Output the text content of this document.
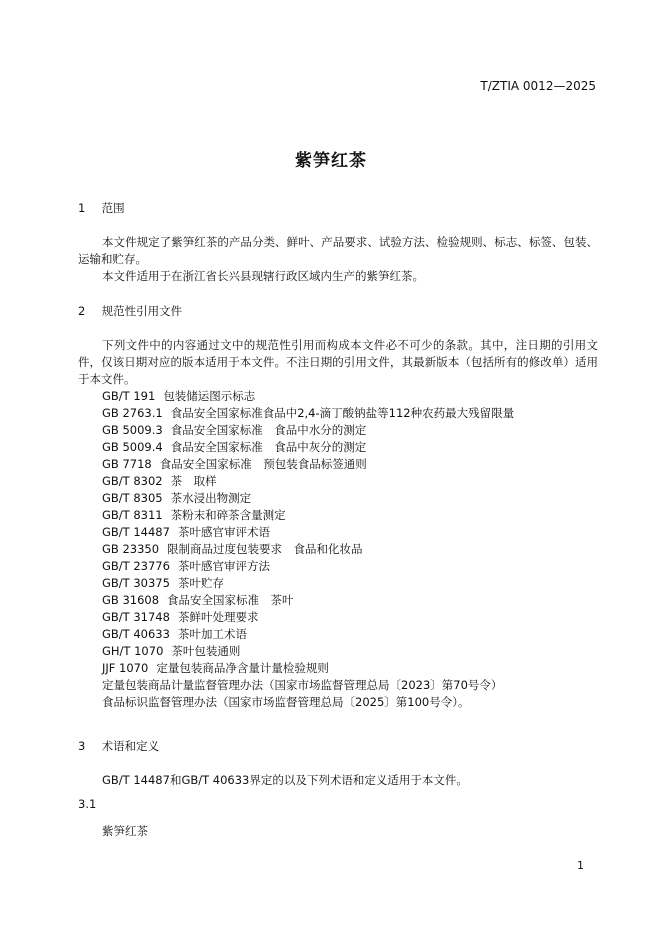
T/ZTIA 0012—2025
紫笋红茶
1 范围

本文件规定了紫笋红茶的产品分类、鲜叶、产品要求、试验方法、检验规则、标志、标签、包装、运输和贮存。

本文件适用于在浙江省长兴县现辖行政区域内生产的紫笋红茶。

2 规范性引用文件

下列文件中的内容通过文中的规范性引用而构成本文件必不可少的条款。其中，注日期的引用文件，仅该日期对应的版本适用于本文件。不注日期的引用文件，其最新版本（包括所有的修改单）适用于本文件。

GB/T 191 包装储运图示标志
GB 2763.1 食品安全国家标准食品中2,4-滴丁酸钠盐等112种农药最大残留限量
GB 5009.3 食品安全国家标准　食品中水分的测定
GB 5009.4 食品安全国家标准　食品中灰分的测定
GB 7718 食品安全国家标准　预包装食品标签通则
GB/T 8302 茶　取样
GB/T 8305 茶水浸出物测定
GB/T 8311 茶粉末和碎茶含量测定
GB/T 14487 茶叶感官审评术语
GB 23350 限制商品过度包装要求　食品和化妆品
GB/T 23776 茶叶感官审评方法
GB/T 30375 茶叶贮存
GB 31608 食品安全国家标准　茶叶
GB/T 31748 茶鲜叶处理要求
GB/T 40633 茶叶加工术语
GH/T 1070 茶叶包装通则
JJF 1070 定量包装商品净含量计量检验规则
定量包装商品计量监督管理办法（国家市场监督管理总局〔2023〕第70号令）
食品标识监督管理办法（国家市场监督管理总局〔2025〕第100号令）。
3 术语和定义

GB/T 14487和GB/T 40633界定的以及下列术语和定义适用于本文件。

3.1
紫笋红茶
1
